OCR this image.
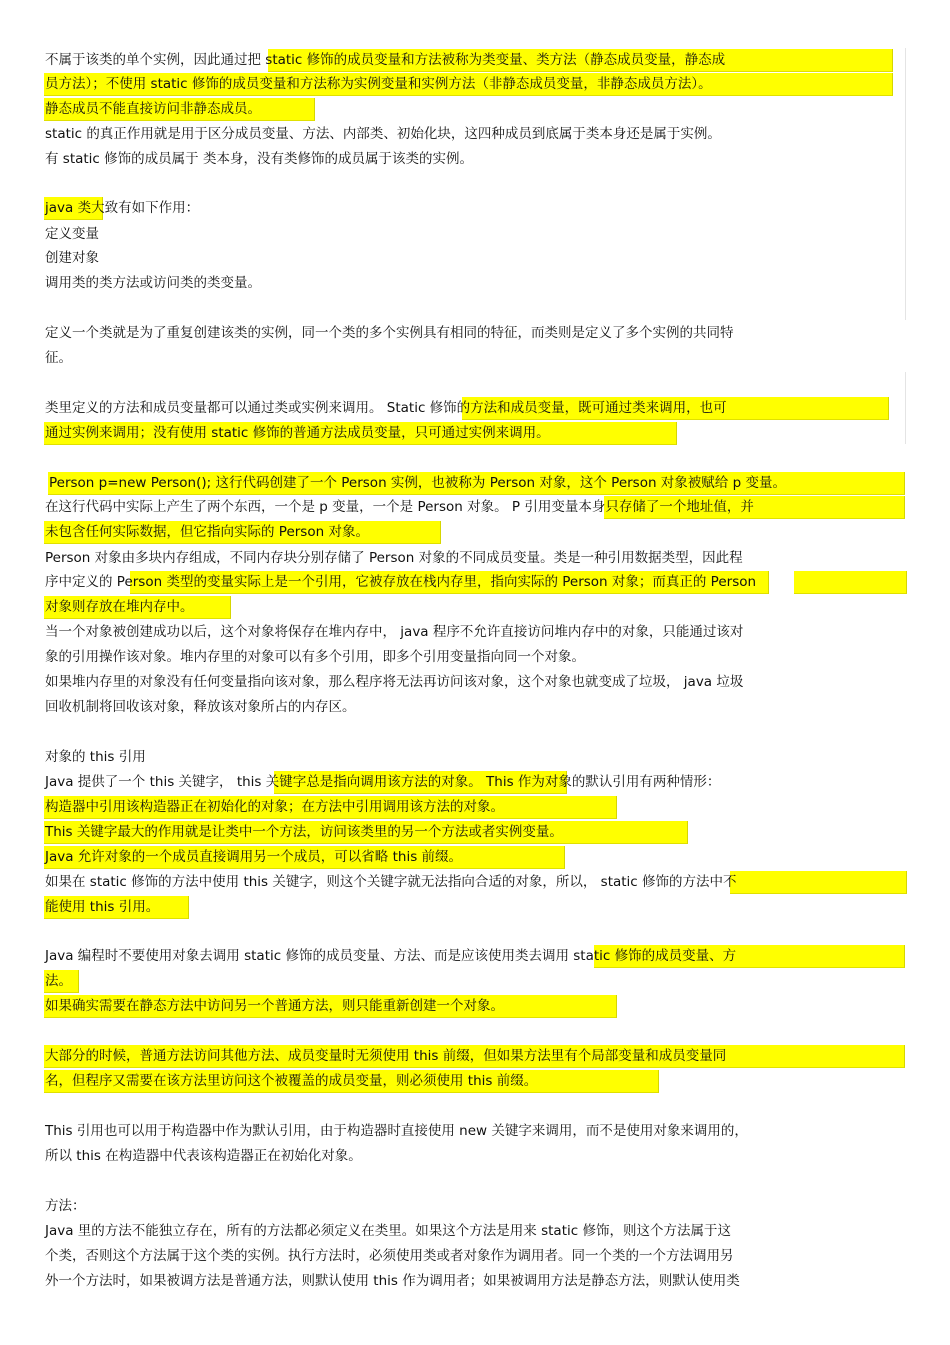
不属于该类的单个实例，因此通过把 static 修饰的成员变量和方法被称为类变量、类方法（静态成员变量，静态成
员方法）；不使用 static 修饰的成员变量和方法称为实例变量和实例方法（非静态成员变量，非静态成员方法）。
静态成员不能直接访问非静态成员。
static 的真正作用就是用于区分成员变量、方法、内部类、初始化块，这四种成员到底属于类本身还是属于实例。
有 static 修饰的成员属于 类本身，没有类修饰的成员属于该类的实例。
java 类大致有如下作用：
定义变量
创建对象
调用类的类方法或访问类的类变量。
定义一个类就是为了重复创建该类的实例，同一个类的多个实例具有相同的特征，而类则是定义了多个实例的共同特
征。
类里定义的方法和成员变量都可以通过类或实例来调用。 Static 修饰的方法和成员变量，既可通过类来调用，也可
通过实例来调用；没有使用 static 修饰的普通方法成员变量，只可通过实例来调用。
Person p=new Person(); 这行代码创建了一个 Person 实例，也被称为 Person 对象，这个 Person 对象被赋给 p 变量。
在这行代码中实际上产生了两个东西，一个是 p 变量，一个是 Person 对象。 P 引用变量本身只存储了一个地址值，并
未包含任何实际数据，但它指向实际的 Person 对象。
Person 对象由多块内存组成，不同内存块分别存储了 Person 对象的不同成员变量。类是一种引用数据类型，因此程
序中定义的 Person 类型的变量实际上是一个引用，它被存放在栈内存里，指向实际的 Person 对象；而真正的 Person
对象则存放在堆内存中。
当一个对象被创建成功以后，这个对象将保存在堆内存中， java 程序不允许直接访问堆内存中的对象，只能通过该对
象的引用操作该对象。堆内存里的对象可以有多个引用，即多个引用变量指向同一个对象。
如果堆内存里的对象没有任何变量指向该对象，那么程序将无法再访问该对象，这个对象也就变成了垃圾， java 垃圾
回收机制将回收该对象，释放该对象所占的内存区。
对象的 this 引用
Java 提供了一个 this 关键字， this 关键字总是指向调用该方法的对象。 This 作为对象的默认引用有两种情形：
构造器中引用该构造器正在初始化的对象；在方法中引用调用该方法的对象。
This 关键字最大的作用就是让类中一个方法，访问该类里的另一个方法或者实例变量。
Java 允许对象的一个成员直接调用另一个成员，可以省略 this 前缀。
如果在 static 修饰的方法中使用 this 关键字，则这个关键字就无法指向合适的对象，所以， static 修饰的方法中不
能使用 this 引用。
Java 编程时不要使用对象去调用 static 修饰的成员变量、方法、而是应该使用类去调用 static 修饰的成员变量、方
法。
如果确实需要在静态方法中访问另一个普通方法，则只能重新创建一个对象。
大部分的时候，普通方法访问其他方法、成员变量时无须使用 this 前缀，但如果方法里有个局部变量和成员变量同
名，但程序又需要在该方法里访问这个被覆盖的成员变量，则必须使用 this 前缀。
This 引用也可以用于构造器中作为默认引用，由于构造器时直接使用 new 关键字来调用，而不是使用对象来调用的，
所以 this 在构造器中代表该构造器正在初始化对象。
方法：
Java 里的方法不能独立存在，所有的方法都必须定义在类里。如果这个方法是用来 static 修饰，则这个方法属于这
个类，否则这个方法属于这个类的实例。执行方法时，必须使用类或者对象作为调用者。同一个类的一个方法调用另
外一个方法时，如果被调方法是普通方法，则默认使用 this 作为调用者；如果被调用方法是静态方法，则默认使用类
